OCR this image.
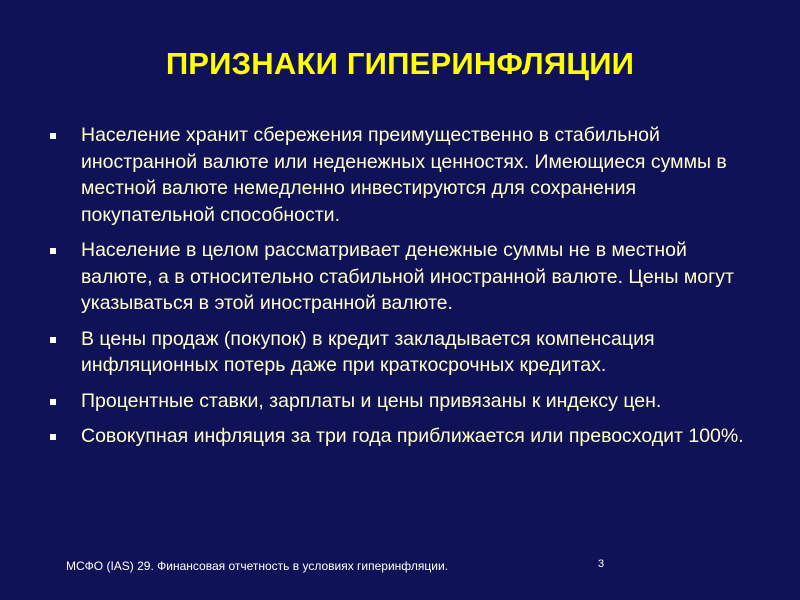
ПРИЗНАКИ ГИПЕРИНФЛЯЦИИ
Население хранит сбережения преимущественно в стабильной иностранной валюте или неденежных ценностях. Имеющиеся суммы в местной валюте немедленно инвестируются для сохранения покупательной способности.
Население в целом рассматривает денежные суммы не в местной валюте, а в относительно стабильной иностранной валюте. Цены могут указываться в этой иностранной валюте.
В цены продаж (покупок) в кредит закладывается компенсация инфляционных потерь даже при краткосрочных кредитах.
Процентные ставки, зарплаты и цены привязаны к индексу цен.
Совокупная инфляция за три года приближается или превосходит 100%.
МСФО (IAS) 29. Финансовая отчетность в условиях гиперинфляции.	3
